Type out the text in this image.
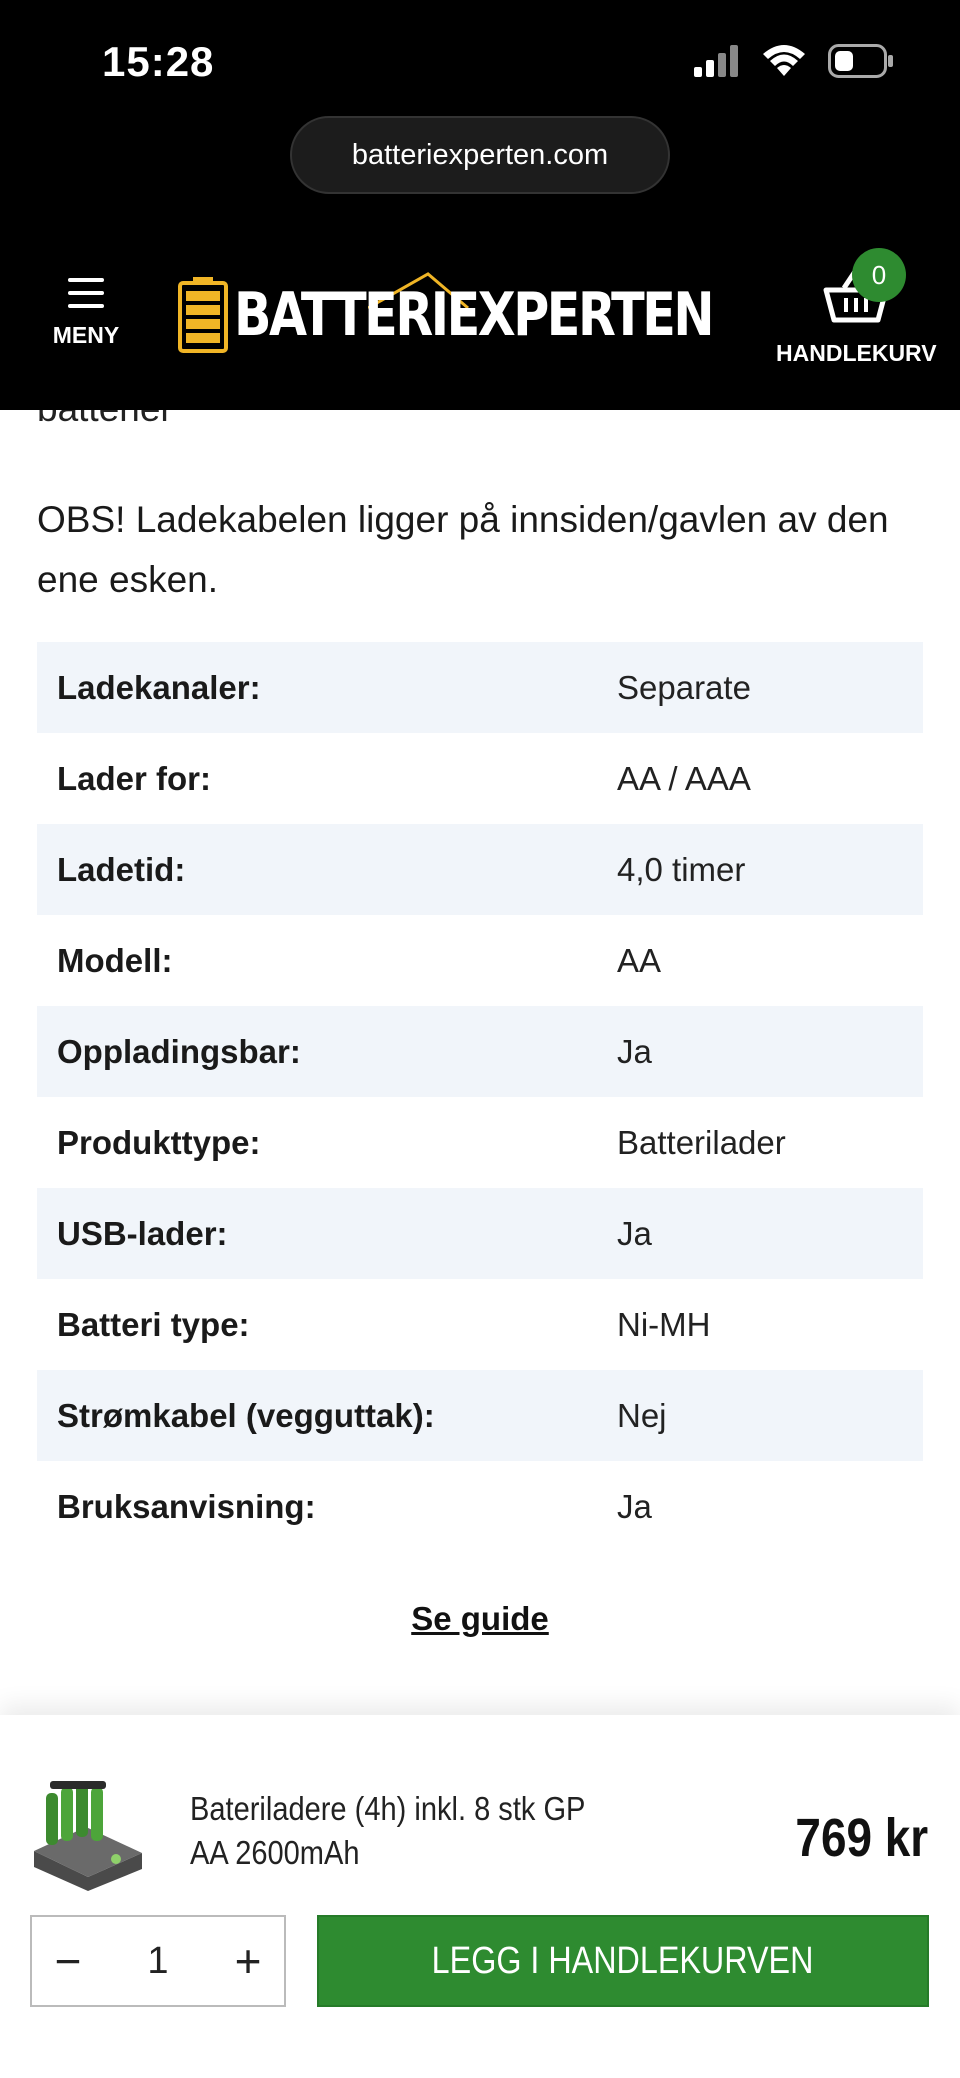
15:28
batteriexperten.com
MENY BATTERIEXPERTEN
0
HANDLEKURV
OBS! Ladekabelen ligger på innsiden/gavlen av den ene esken.
Ladekanaler:	Separate
Lader for:	AA / AAA
Ladetid:	4,0 timer
Modell:	AA
Oppladingsbar:	Ja
Produkttype:	Batterilader
USB-lader:	Ja
Batteri type:	Ni-MH
Strømkabel (vegguttak):	Nej
Bruksanvisning:	Ja
Se guide
Bateriladere (4h) inkl. 8 stk GP AA 2600mAh	769 kr
−	1	+	LEGG I HANDLEKURVEN
